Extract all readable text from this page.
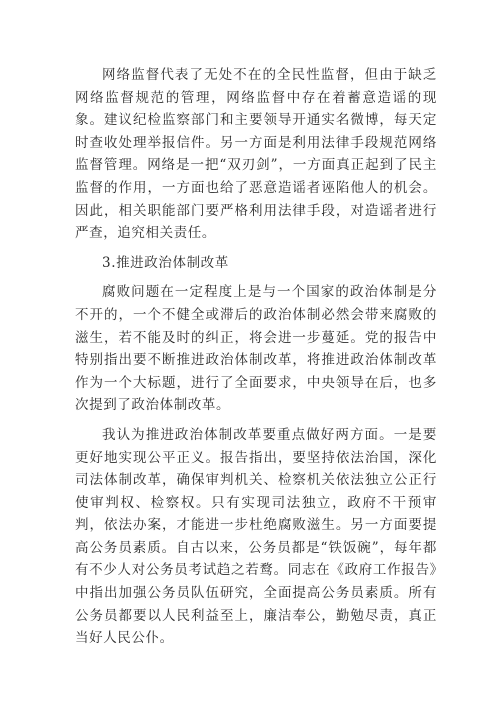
网络监督代表了无处不在的全民性监督，但由于缺乏网络监督规范的管理，网络监督中存在着蓄意造谣的现象。建议纪检监察部门和主要领导开通实名微博，每天定时查收处理举报信件。另一方面是利用法律手段规范网络监督管理。网络是一把“双刃剑”，一方面真正起到了民主监督的作用，一方面也给了恶意造谣者诬陷他人的机会。因此，相关职能部门要严格利用法律手段，对造谣者进行严查，追究相关责任。

3.推进政治体制改革

腐败问题在一定程度上是与一个国家的政治体制是分不开的，一个不健全或滞后的政治体制必然会带来腐败的滋生，若不能及时的纠正，将会进一步蔓延。党的报告中特别指出要不断推进政治体制改革，将推进政治体制改革作为一个大标题，进行了全面要求，中央领导在后，也多次提到了政治体制改革。

我认为推进政治体制改革要重点做好两方面。一是要更好地实现公平正义。报告指出，要坚持依法治国，深化司法体制改革，确保审判机关、检察机关依法独立公正行使审判权、检察权。只有实现司法独立，政府不干预审判，依法办案，才能进一步杜绝腐败滋生。另一方面要提高公务员素质。自古以来，公务员都是“铁饭碗”，每年都有不少人对公务员考试趋之若鹜。同志在《政府工作报告》中指出加强公务员队伍研究，全面提高公务员素质。所有公务员都要以人民利益至上，廉洁奉公，勤勉尽责，真正当好人民公仆。
